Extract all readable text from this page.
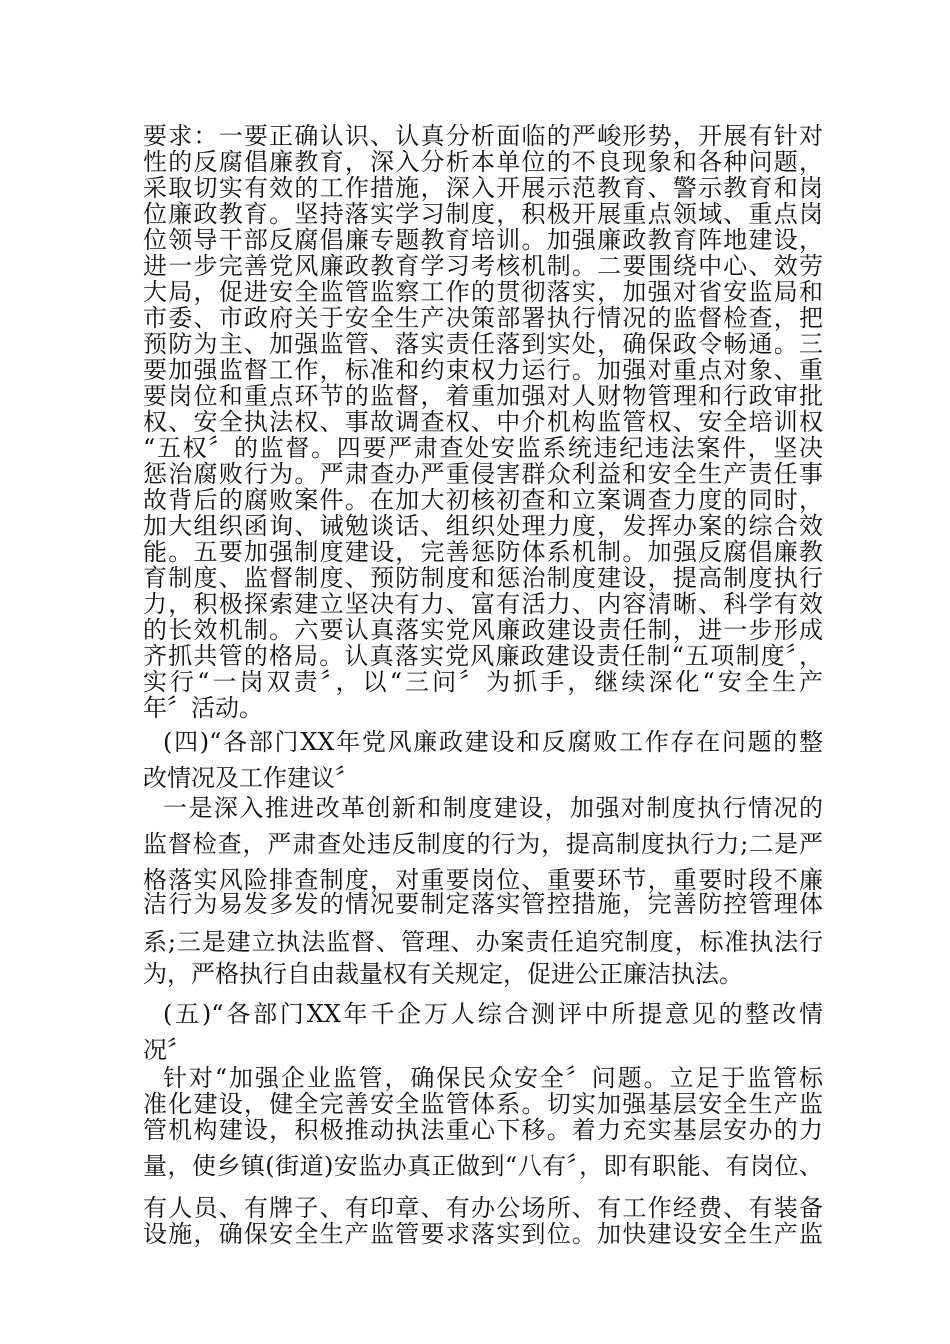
要求：一要正确认识、认真分析面临的严峻形势，开展有针对
性的反腐倡廉教育，深入分析本单位的不良现象和各种问题，
采取切实有效的工作措施，深入开展示范教育、警示教育和岗
位廉政教育。坚持落实学习制度，积极开展重点领域、重点岗
位领导干部反腐倡廉专题教育培训。加强廉政教育阵地建设，
进一步完善党风廉政教育学习考核机制。二要围绕中心、效劳
大局，促进安全监管监察工作的贯彻落实，加强对省安监局和
市委、市政府关于安全生产决策部署执行情况的监督检查，把
预防为主、加强监管、落实责任落到实处，确保政令畅通。三
要加强监督工作，标准和约束权力运行。加强对重点对象、重
要岗位和重点环节的监督，着重加强对人财物管理和行政审批
权、安全执法权、事故调查权、中介机构监管权、安全培训权
“五权〞的监督。四要严肃查处安监系统违纪违法案件，坚决
惩治腐败行为。严肃查办严重侵害群众利益和安全生产责任事
故背后的腐败案件。在加大初核初查和立案调查力度的同时，
加大组织函询、诫勉谈话、组织处理力度，发挥办案的综合效
能。五要加强制度建设，完善惩防体系机制。加强反腐倡廉教
育制度、监督制度、预防制度和惩治制度建设，提高制度执行
力，积极探索建立坚决有力、富有活力、内容清晰、科学有效
的长效机制。六要认真落实党风廉政建设责任制，进一步形成
齐抓共管的格局。认真落实党风廉政建设责任制“五项制度〞，
实行“一岗双责〞，以“三问〞为抓手，继续深化“安全生产
年〞活动。
(四)“各部门XX年党风廉政建设和反腐败工作存在问题的整
改情况及工作建议〞
一是深入推进改革创新和制度建设，加强对制度执行情况的
监督检查，严肃查处违反制度的行为，提高制度执行力;二是严
格落实风险排查制度，对重要岗位、重要环节，重要时段不廉
洁行为易发多发的情况要制定落实管控措施，完善防控管理体
系;三是建立执法监督、管理、办案责任追究制度，标准执法行
为，严格执行自由裁量权有关规定，促进公正廉洁执法。
(五)“各部门XX年千企万人综合测评中所提意见的整改情
况〞
针对“加强企业监管，确保民众安全〞问题。立足于监管标
准化建设，健全完善安全监管体系。切实加强基层安全生产监
管机构建设，积极推动执法重心下移。着力充实基层安办的力
量，使乡镇(街道)安监办真正做到“八有〞，即有职能、有岗位、
有人员、有牌子、有印章、有办公场所、有工作经费、有装备
设施，确保安全生产监管要求落实到位。加快建设安全生产监
